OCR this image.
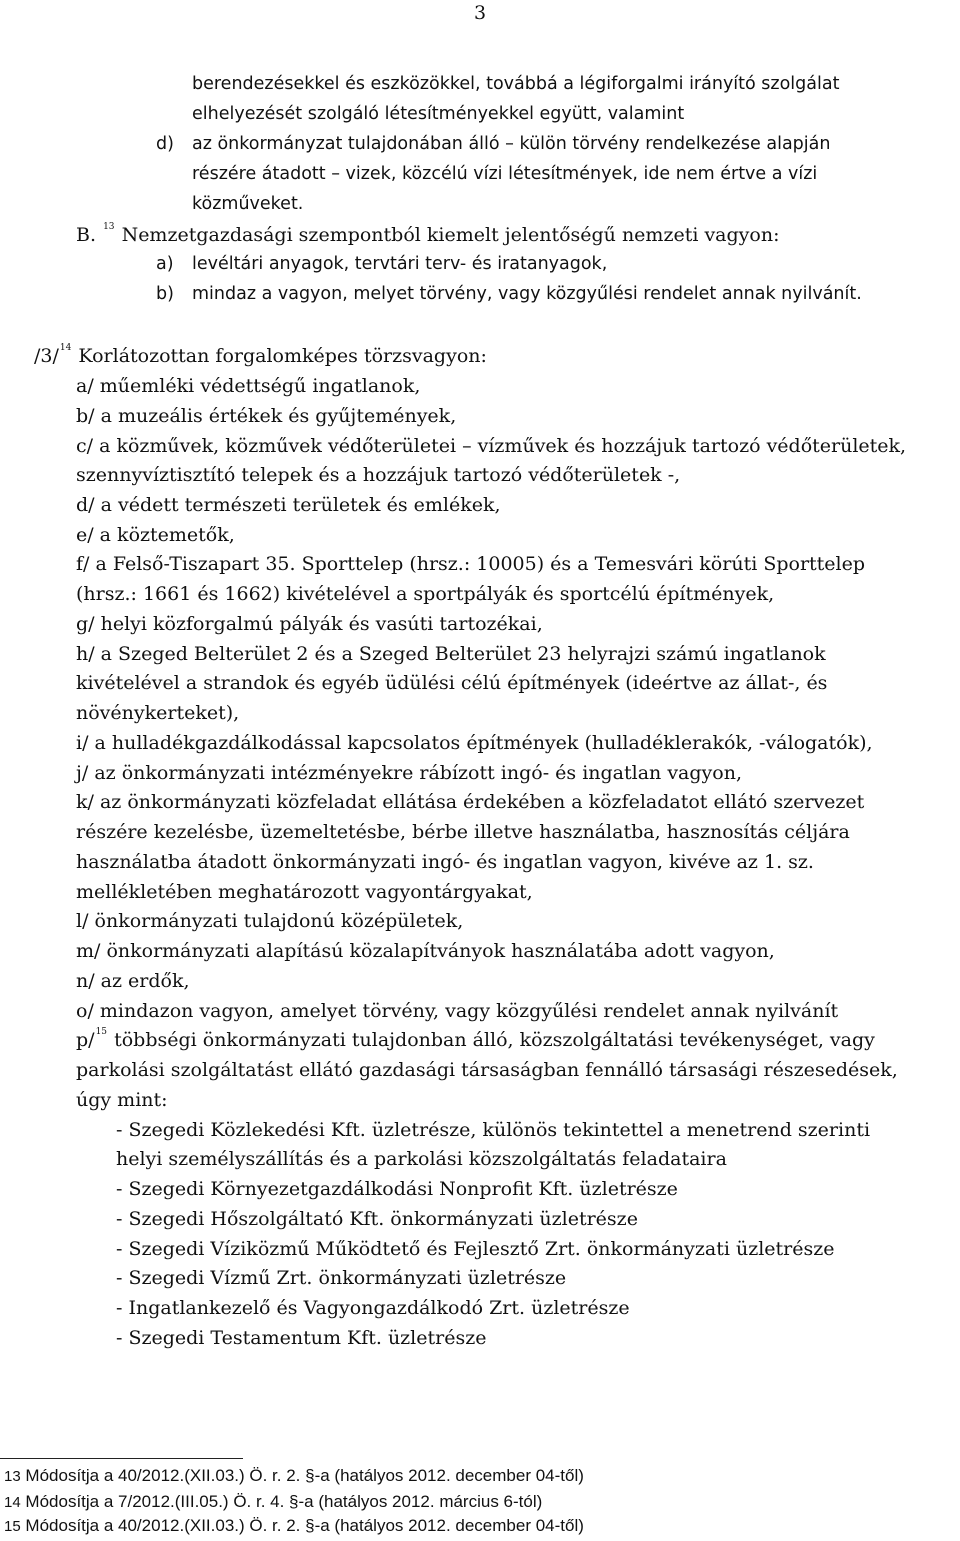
3
berendezésekkel és eszközökkel, továbbá a légiforgalmi irányító szolgálat
elhelyezését szolgáló létesítményekkel együtt, valamint
d) az önkormányzat tulajdonában álló – külön törvény rendelkezése alapján
részére átadott – vizek, közcélú vízi létesítmények, ide nem értve a vízi
közműveket.
B. $^{13}$ Nemzetgazdasági szempontból kiemelt jelentőségű nemzeti vagyon:
a) levéltári anyagok, tervtári terv- és iratanyagok,
b) mindaz a vagyon, melyet törvény, vagy közgyűlési rendelet annak nyilvánít.
/3/$^{14}$ Korlátozottan forgalomképes törzsvagyon:
a/ műemléki védettségű ingatlanok,
b/ a muzeális értékek és gyűjtemények,
c/ a közművek, közművek védőterületei – vízművek és hozzájuk tartozó védőterületek,
szennyvíztisztító telepek és a hozzájuk tartozó védőterületek -,
d/ a védett természeti területek és emlékek,
e/ a köztemetők,
f/ a Felső-Tiszapart 35. Sporttelep (hrsz.: 10005) és a Temesvári körúti Sporttelep
(hrsz.: 1661 és 1662) kivételével a sportpályák és sportcélú építmények,
g/ helyi közforgalmú pályák és vasúti tartozékai,
h/ a Szeged Belterület 2 és a Szeged Belterület 23 helyrajzi számú ingatlanok
kivételével a strandok és egyéb üdülési célú építmények (ideértve az állat-, és
növénykerteket),
i/ a hulladékgazdálkodással kapcsolatos építmények (hulladéklerakók, -válogatók),
j/ az önkormányzati intézményekre rábízott ingó- és ingatlan vagyon,
k/ az önkormányzati közfeladat ellátása érdekében a közfeladatot ellátó szervezet
részére kezelésbe, üzemeltetésbe, bérbe illetve használatba, hasznosítás céljára
használatba átadott önkormányzati ingó- és ingatlan vagyon, kivéve az 1. sz.
mellékletében meghatározott vagyontárgyakat,
l/ önkormányzati tulajdonú középületek,
m/ önkormányzati alapítású közalapítványok használatába adott vagyon,
n/ az erdők,
o/ mindazon vagyon, amelyet törvény, vagy közgyűlési rendelet annak nyilvánít
p/$^{15}$ többségi önkormányzati tulajdonban álló, közszolgáltatási tevékenységet, vagy
parkolási szolgáltatást ellátó gazdasági társaságban fennálló társasági részesedések,
úgy mint:
- Szegedi Közlekedési Kft. üzletrésze, különös tekintettel a menetrend szerinti
helyi személyszállítás és a parkolási közszolgáltatás feladataira
- Szegedi Környezetgazdálkodási Nonprofit Kft. üzletrésze
- Szegedi Hőszolgáltató Kft. önkormányzati üzletrésze
- Szegedi Víziközmű Működtető és Fejlesztő Zrt. önkormányzati üzletrésze
- Szegedi Vízmű Zrt. önkormányzati üzletrésze
- Ingatlankezelő és Vagyongazdálkodó Zrt. üzletrésze
- Szegedi Testamentum Kft. üzletrésze
13 Módosítja a 40/2012.(XII.03.) Ö. r. 2. §-a (hatályos 2012. december 04-től)
14 Módosítja a 7/2012.(III.05.) Ö. r. 4. §-a (hatályos 2012. március 6-tól)
15 Módosítja a 40/2012.(XII.03.) Ö. r. 2. §-a (hatályos 2012. december 04-től)
